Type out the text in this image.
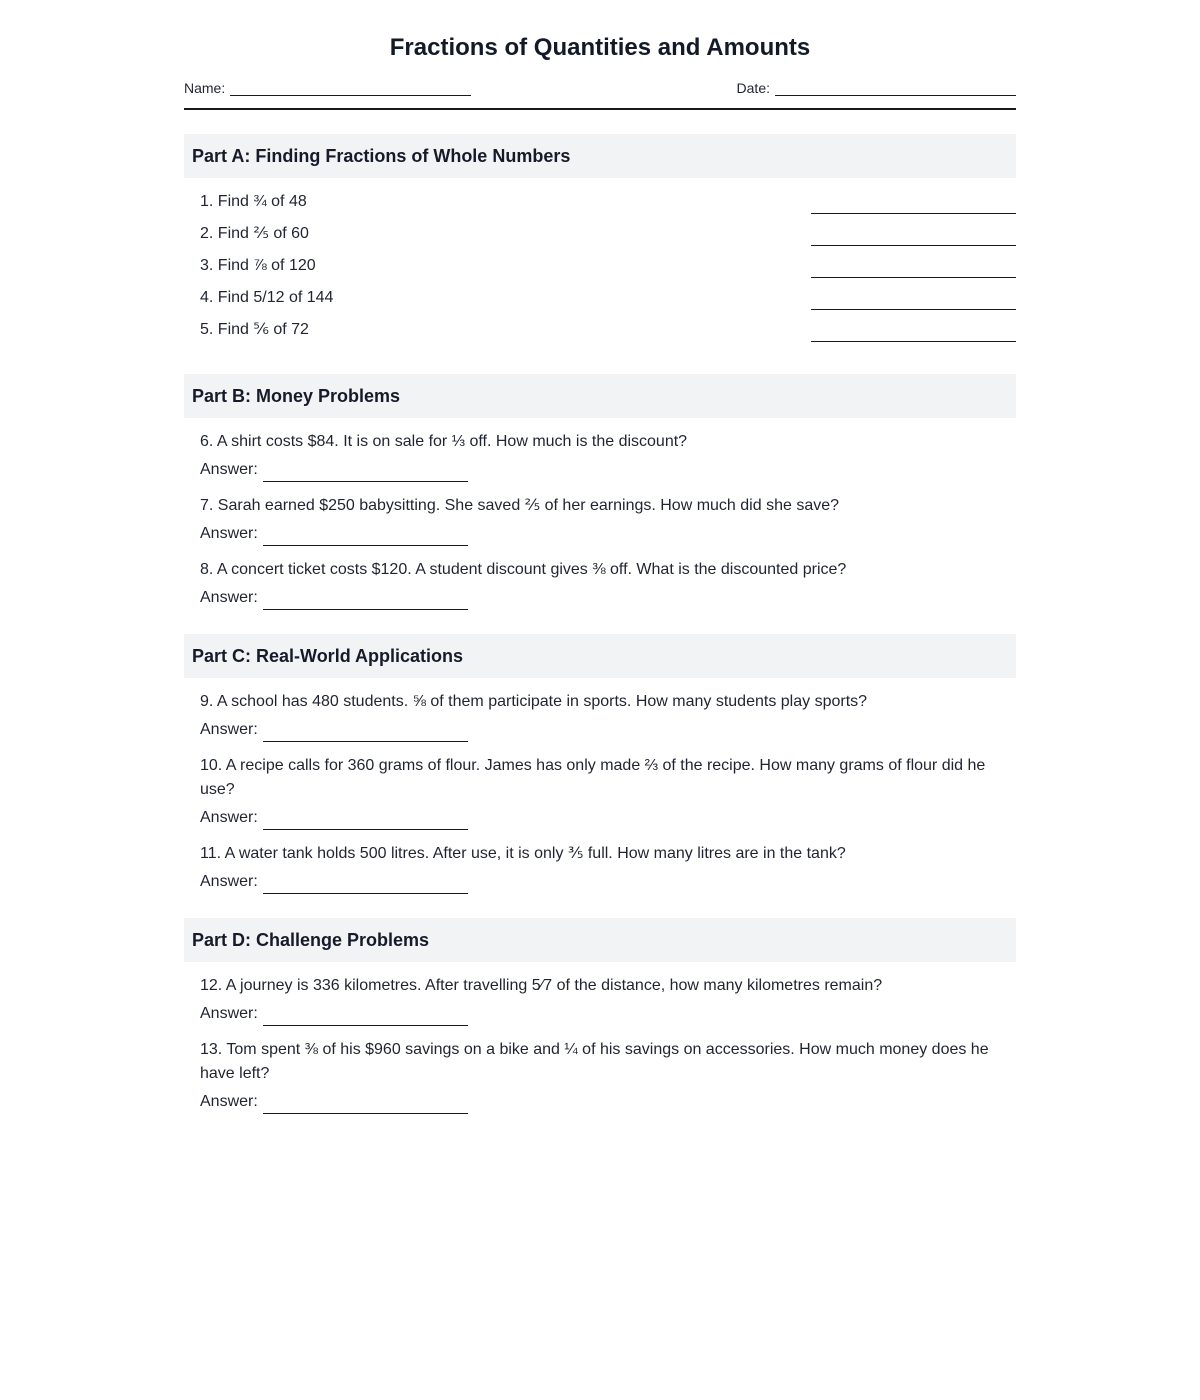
Fractions of Quantities and Amounts
Name:	Date:
Part A: Finding Fractions of Whole Numbers
1. Find ¾ of 48
2. Find ⅖ of 60
3. Find ⅞ of 120
4. Find 5/12 of 144
5. Find ⅚ of 72
Part B: Money Problems
6. A shirt costs $84. It is on sale for ⅓ off. How much is the discount?
Answer:
7. Sarah earned $250 babysitting. She saved ⅖ of her earnings. How much did she save?
Answer:
8. A concert ticket costs $120. A student discount gives ⅜ off. What is the discounted price?
Answer:
Part C: Real-World Applications
9. A school has 480 students. ⅝ of them participate in sports. How many students play sports?
Answer:
10. A recipe calls for 360 grams of flour. James has only made ⅔ of the recipe. How many grams of flour did he use?
Answer:
11. A water tank holds 500 litres. After use, it is only ⅗ full. How many litres are in the tank?
Answer:
Part D: Challenge Problems
12. A journey is 336 kilometres. After travelling 5⁄7 of the distance, how many kilometres remain?
Answer:
13. Tom spent ⅜ of his $960 savings on a bike and ¼ of his savings on accessories. How much money does he have left?
Answer:
